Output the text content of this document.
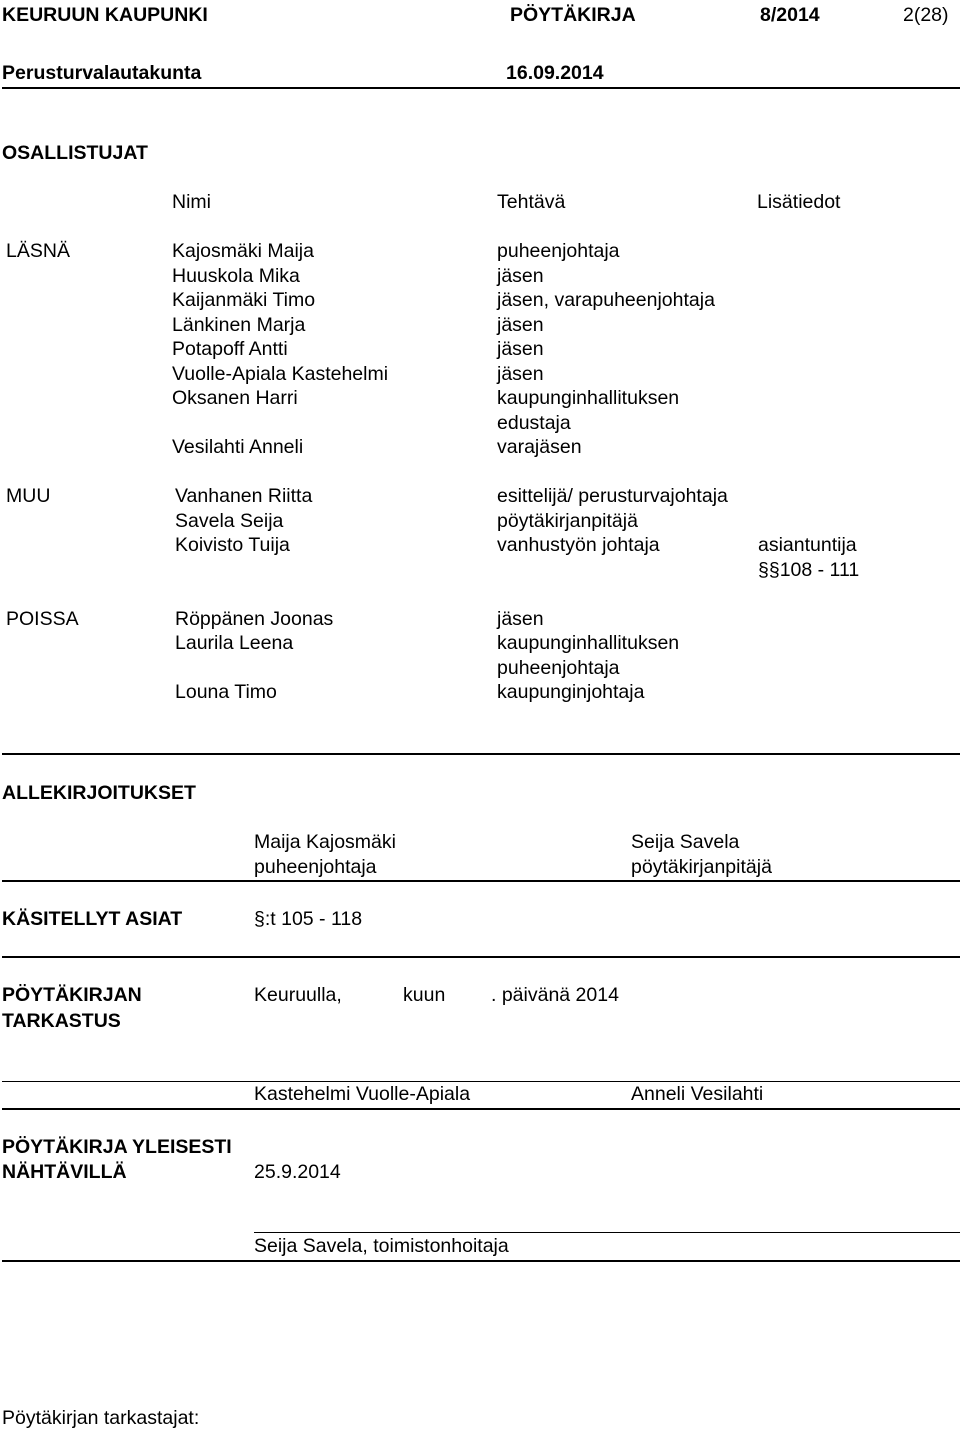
KEURUUN KAUPUNKI	PÖYTÄKIRJA	8/2014	2(28)
Perusturvalautakunta	16.09.2014
OSALLISTUJAT
Nimi	Tehtävä	Lisätiedot
LÄSNÄ	Kajosmäki Maija	puheenjohtaja
Huuskola Mika	jäsen
Kaijanmäki Timo	jäsen, varapuheenjohtaja
Länkinen Marja	jäsen
Potapoff Antti	jäsen
Vuolle-Apiala Kastehelmi	jäsen
Oksanen Harri	kaupunginhallituksen
edustaja
Vesilahti Anneli	varajäsen
MUU	Vanhanen Riitta	esittelijä/ perusturvajohtaja
Savela Seija	pöytäkirjanpitäjä
Koivisto Tuija	vanhustyön johtaja	asiantuntija
§§108 - 111
POISSA	Röppänen Joonas	jäsen
Laurila Leena	kaupunginhallituksen
puheenjohtaja
Louna Timo	kaupunginjohtaja
ALLEKIRJOITUKSET
Maija Kajosmäki
puheenjohtaja
Seija Savela
pöytäkirjanpitäjä
KÄSITELLYT ASIAT	§:t 105 - 118
PÖYTÄKIRJAN
TARKASTUS
Keuruulla,	kuun . päivänä 2014
Kastehelmi Vuolle-Apiala	Anneli Vesilahti
PÖYTÄKIRJA YLEISESTI
NÄHTÄVILLÄ	25.9.2014
Seija Savela, toimistonhoitaja
Pöytäkirjan tarkastajat:
